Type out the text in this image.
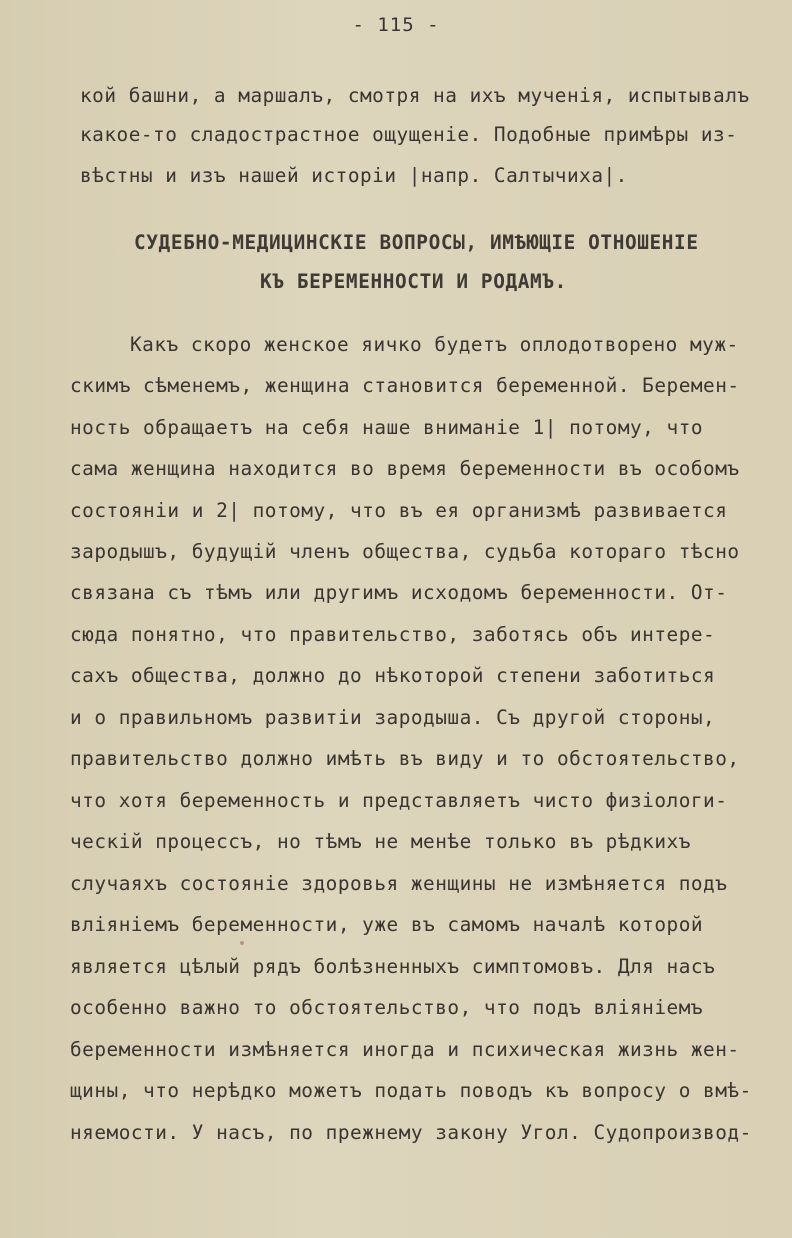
- 115 -
кой башни, а маршалъ, смотря на ихъ мученія, испытывалъ
какое-то сладострастное ощущеніе. Подобные примѣры из-
вѣстны и изъ нашей исторіи |напр. Салтычиха|.
СУДЕБНО-МЕДИЦИНСКІЕ ВОПРОСЫ, ИМѢЮЩІЕ ОТНОШЕНІЕ
КЪ БЕРЕМЕННОСТИ И РОДАМЪ.
Какъ скоро женское яичко будетъ оплодотворено муж-
скимъ сѣменемъ, женщина становится беременной. Беремен-
ность обращаетъ на себя наше вниманіе 1| потому, что
сама женщина находится во время беременности въ особомъ
состояніи и 2| потому, что въ ея организмѣ развивается
зародышъ, будущій членъ общества, судьба котораго тѣсно
связана съ тѣмъ или другимъ исходомъ беременности. От-
сюда понятно, что правительство, заботясь объ интере-
сахъ общества, должно до нѣкоторой степени заботиться
и о правильномъ развитіи зародыша. Съ другой стороны,
правительство должно имѣть въ виду и то обстоятельство,
что хотя беременность и представляетъ чисто физіологи-
ческій процессъ, но тѣмъ не менѣе только въ рѣдкихъ
случаяхъ состояніе здоровья женщины не измѣняется подъ
вліяніемъ беременности, уже въ самомъ началѣ которой
является цѣлый рядъ болѣзненныхъ симптомовъ. Для насъ
особенно важно то обстоятельство, что подъ вліяніемъ
беременности измѣняется иногда и психическая жизнь жен-
щины, что нерѣдко можетъ подать поводъ къ вопросу о вмѣ-
няемости. У насъ, по прежнему закону Угол. Судопроизвод-
